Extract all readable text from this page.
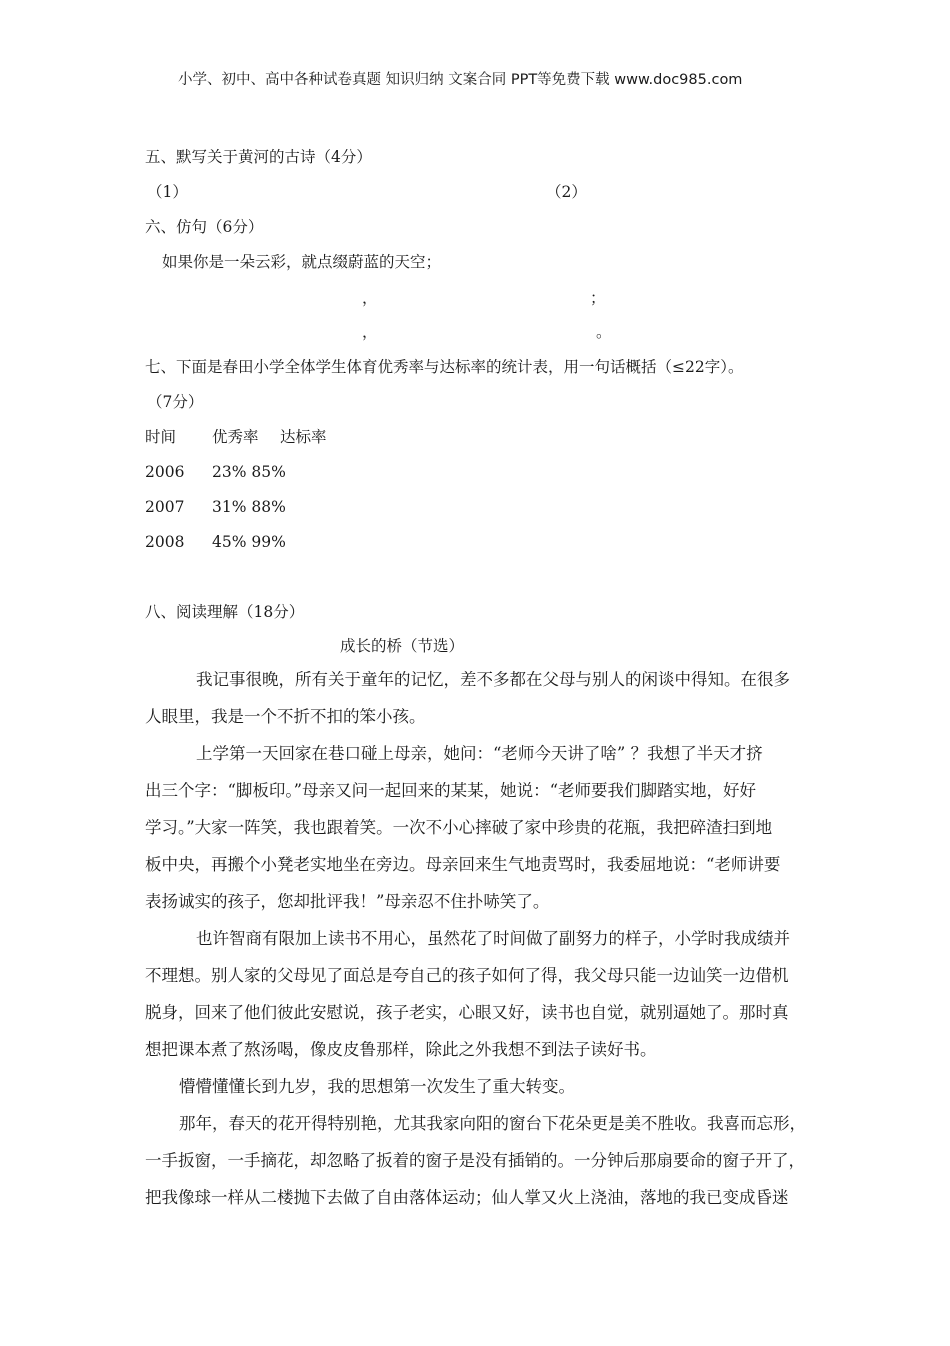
小学、初中、高中各种试卷真题 知识归纳 文案合同 PPT等免费下载 www.doc985.com
五、默写关于黄河的古诗（4分）
（1）	（2）
六、仿句（6分）
如果你是一朵云彩，就点缀蔚蓝的天空；
，	；
，	。
七、下面是春田小学全体学生体育优秀率与达标率的统计表，用一句话概括（≤22字）。
（7分）
时间 优秀率 达标率
2006 23% 85%
2007 31% 88%
2008 45% 99%
八、阅读理解（18分）
成长的桥（节选）
我记事很晚，所有关于童年的记忆，差不多都在父母与别人的闲谈中得知。在很多
人眼里，我是一个不折不扣的笨小孩。
上学第一天回家在巷口碰上母亲，她问：“老师今天讲了啥” ？我想了半天才挤
出三个字：“脚板印。”母亲又问一起回来的某某，她说：“老师要我们脚踏实地，好好
学习。”大家一阵笑，我也跟着笑。一次不小心摔破了家中珍贵的花瓶，我把碎渣扫到地
板中央，再搬个小凳老实地坐在旁边。母亲回来生气地责骂时，我委屈地说：“老师讲要
表扬诚实的孩子，您却批评我！”母亲忍不住扑哧笑了。
也许智商有限加上读书不用心，虽然花了时间做了副努力的样子，小学时我成绩并
不理想。别人家的父母见了面总是夸自己的孩子如何了得，我父母只能一边讪笑一边借机
脱身，回来了他们彼此安慰说，孩子老实，心眼又好，读书也自觉，就别逼她了。那时真
想把课本煮了熬汤喝，像皮皮鲁那样，除此之外我想不到法子读好书。
懵懵懂懂长到九岁，我的思想第一次发生了重大转变。
那年，春天的花开得特别艳，尤其我家向阳的窗台下花朵更是美不胜收。我喜而忘形，
一手扳窗，一手摘花，却忽略了扳着的窗子是没有插销的。一分钟后那扇要命的窗子开了，
把我像球一样从二楼抛下去做了自由落体运动；仙人掌又火上浇油，落地的我已变成昏迷
